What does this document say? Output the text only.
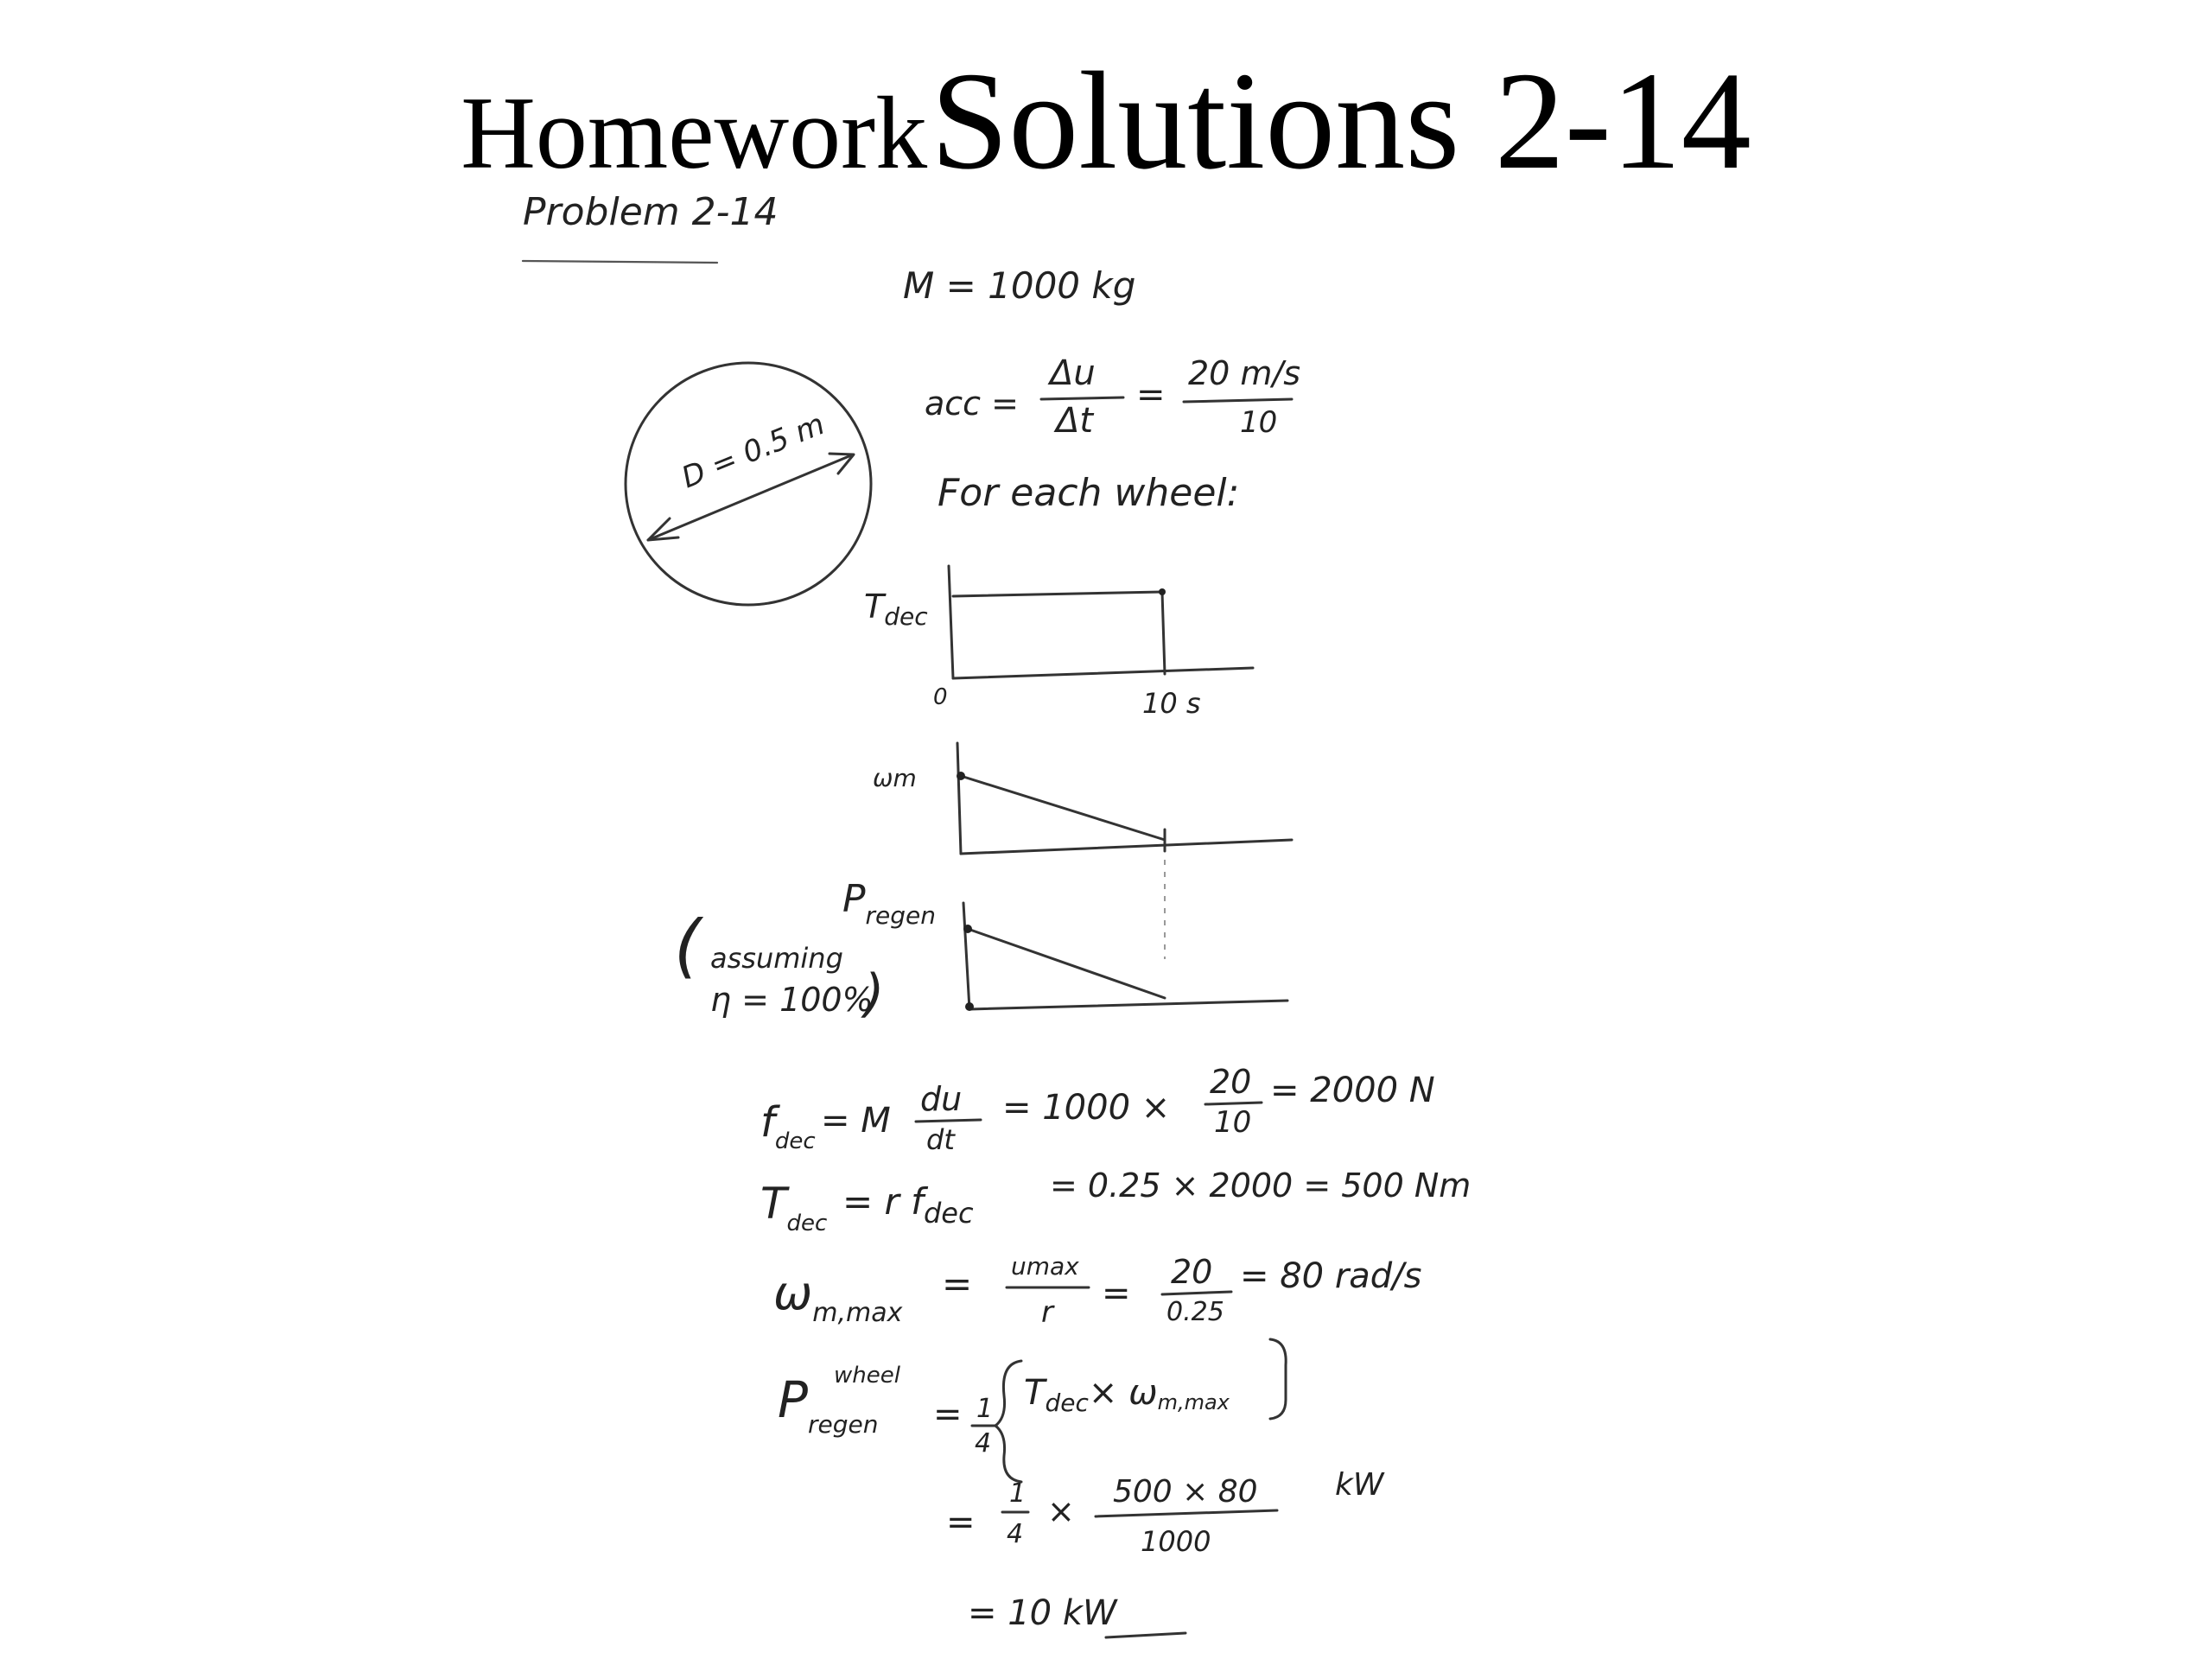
Homework Solutions 2-14
Problem 2-14
M = 1000 kg
acc =
Δu
Δt
=
20 m/s
10
For each wheel:
D = 0.5 m
$T_{dec}$
0	10 s
ωm
$P_{regen}$
( assuming
η = 100%
)
$f_{dec}$
= M
du
dt
= 1000 ×
20
10
= 2000 N
$T_{dec}$
= r $f_{dec}$
= 0.25 × 2000 = 500 Nm
$\omega_{m,max}$
= umax
r =
20
0.25
= 80 rad/s
$P_{regen}$
wheel
= 1
4
$T_{dec}\times \omega m,\max$
=
1
4
×
500 × 80
1000
kW
= 10 kW
